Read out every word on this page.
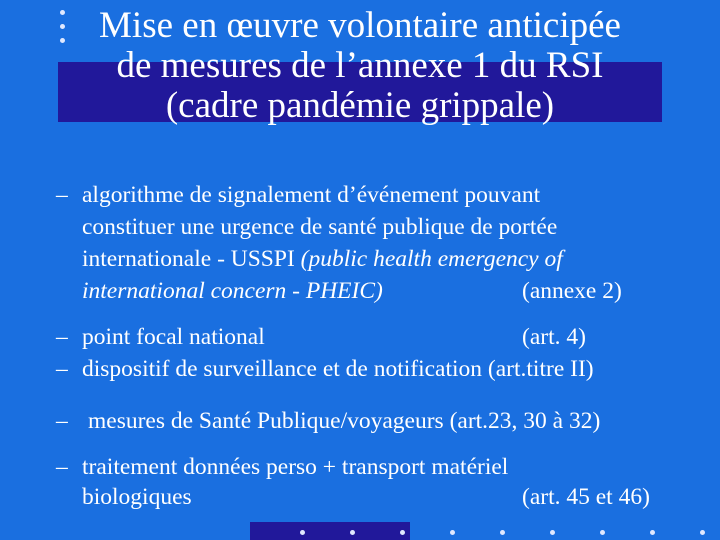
Mise en œuvre volontaire anticipée
de mesures de l’annexe 1 du RSI
(cadre pandémie grippale)
– algorithme de signalement d’événement pouvant
constituer une urgence de santé publique de portée
internationale - USSPI (public health emergency of
international concern - PHEIC)	(annexe 2)
– point focal national	(art. 4)
– dispositif de surveillance et de notification (art.titre II)
– mesures de Santé Publique/voyageurs (art.23, 30 à 32)
– traitement données perso + transport matériel
biologiques	(art. 45 et 46)
